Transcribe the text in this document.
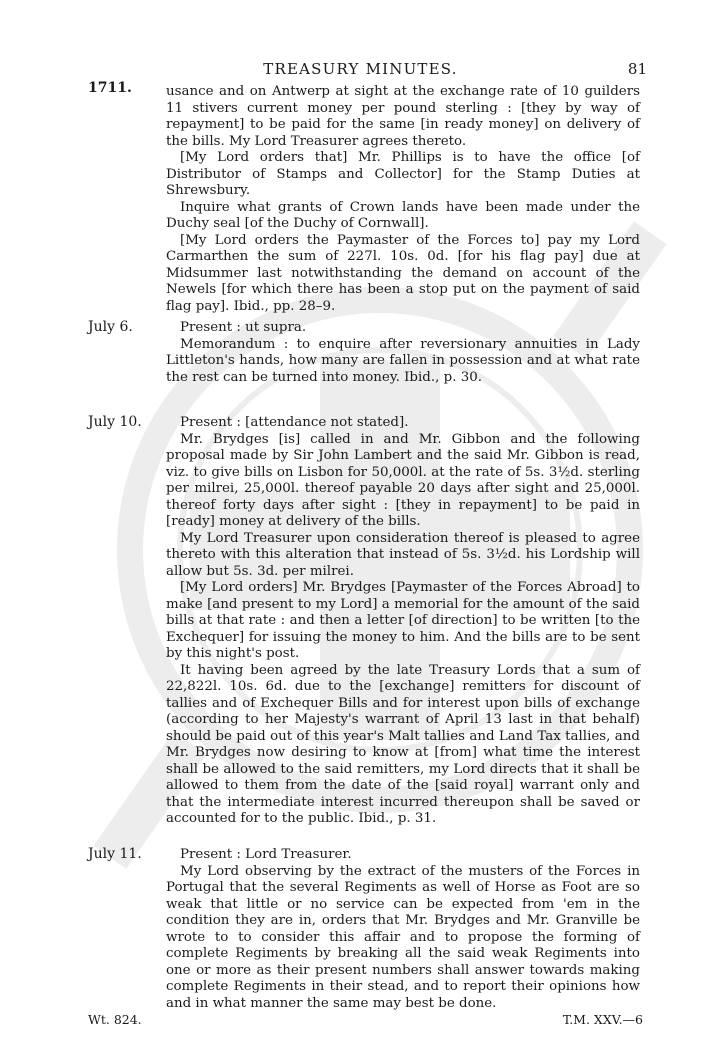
TREASURY MINUTES.	81
1711.	usance and on Antwerp at sight at the exchange rate of 10 guilders 11 stivers current money per pound sterling : [they by way of repayment] to be paid for the same [in ready money] on delivery of the bills. My Lord Treasurer agrees thereto.

[My Lord orders that] Mr. Phillips is to have the office [of Distributor of Stamps and Collector] for the Stamp Duties at Shrewsbury.

Inquire what grants of Crown lands have been made under the Duchy seal [of the Duchy of Cornwall].

[My Lord orders the Paymaster of the Forces to] pay my Lord Carmarthen the sum of 227l. 10s. 0d. [for his flag pay] due at Midsummer last notwithstanding the demand on account of the Newels [for which there has been a stop put on the payment of said flag pay]. Ibid., pp. 28–9.

July 6.	Present : ut supra.

Memorandum : to enquire after reversionary annuities in Lady Littleton's hands, how many are fallen in possession and at what rate the rest can be turned into money. Ibid., p. 30.

July 10.	Present : [attendance not stated].

Mr. Brydges [is] called in and Mr. Gibbon and the following proposal made by Sir John Lambert and the said Mr. Gibbon is read, viz. to give bills on Lisbon for 50,000l. at the rate of 5s. 3½d. sterling per milrei, 25,000l. thereof payable 20 days after sight and 25,000l. thereof forty days after sight : [they in repayment] to be paid in [ready] money at delivery of the bills.

My Lord Treasurer upon consideration thereof is pleased to agree thereto with this alteration that instead of 5s. 3½d. his Lordship will allow but 5s. 3d. per milrei.

[My Lord orders] Mr. Brydges [Paymaster of the Forces Abroad] to make [and present to my Lord] a memorial for the amount of the said bills at that rate : and then a letter [of direction] to be written [to the Exchequer] for issuing the money to him. And the bills are to be sent by this night's post.

It having been agreed by the late Treasury Lords that a sum of 22,822l. 10s. 6d. due to the [exchange] remitters for discount of tallies and of Exchequer Bills and for interest upon bills of exchange (according to her Majesty's warrant of April 13 last in that behalf) should be paid out of this year's Malt tallies and Land Tax tallies, and Mr. Brydges now desiring to know at [from] what time the interest shall be allowed to the said remitters, my Lord directs that it shall be allowed to them from the date of the [said royal] warrant only and that the intermediate interest incurred thereupon shall be saved or accounted for to the public. Ibid., p. 31.

July 11.	Present : Lord Treasurer.

My Lord observing by the extract of the musters of the Forces in Portugal that the several Regiments as well of Horse as Foot are so weak that little or no service can be expected from 'em in the condition they are in, orders that Mr. Brydges and Mr. Granville be wrote to to consider this affair and to propose the forming of complete Regiments by breaking all the said weak Regiments into one or more as their present numbers shall answer towards making complete Regiments in their stead, and to report their opinions how and in what manner the same may best be done.

Wt. 824.	T.M. XXV.—6
